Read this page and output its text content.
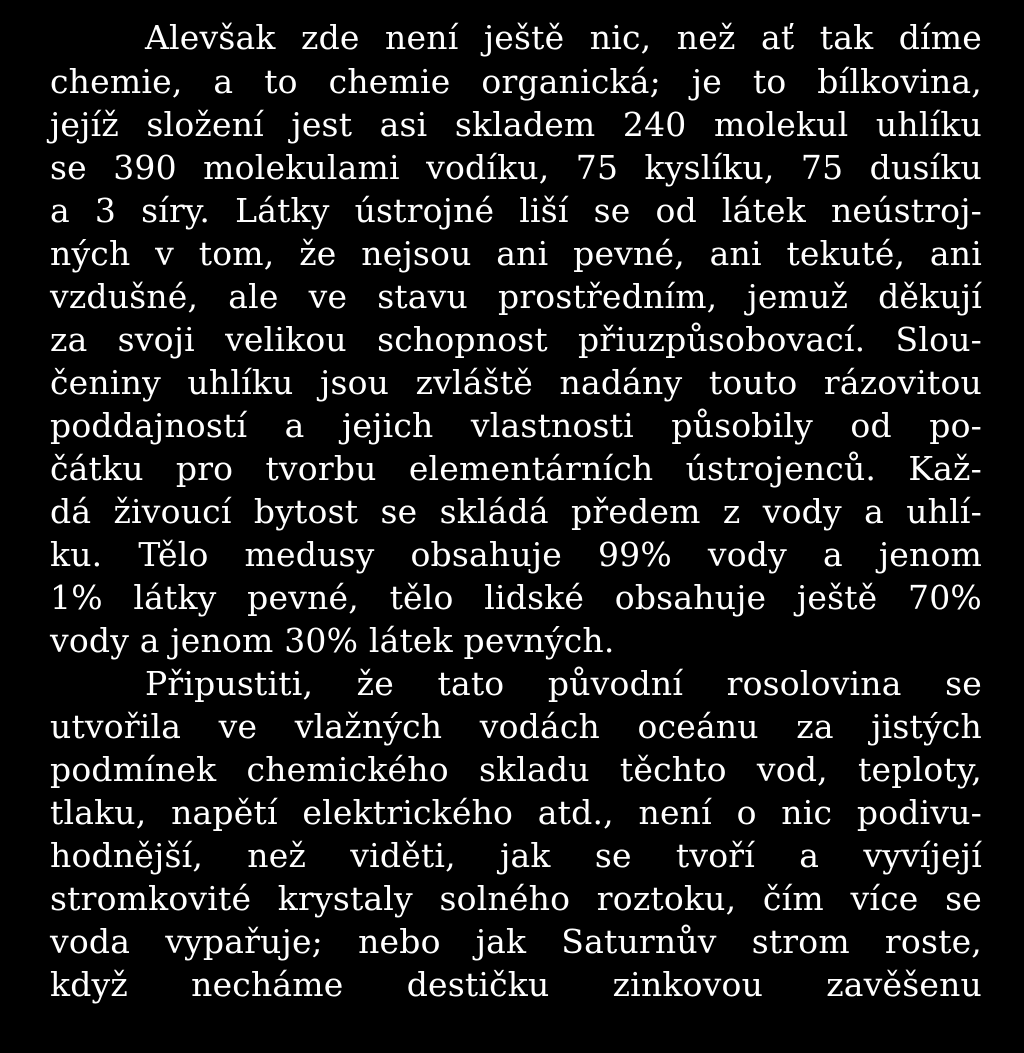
Alevšak zde není ještě nic, než ať tak díme
chemie, a to chemie organická; je to bílkovina,
jejíž složení jest asi skladem 240 molekul uhlíku
se 390 molekulami vodíku, 75 kyslíku, 75 dusíku
a 3 síry. Látky ústrojné liší se od látek neústroj-
ných v tom, že nejsou ani pevné, ani tekuté, ani
vzdušné, ale ve stavu prostředním, jemuž děkují
za svoji velikou schopnost přiuzpůsobovací. Slou-
čeniny uhlíku jsou zvláště nadány touto rázovitou
poddajností a jejich vlastnosti působily od po-
čátku pro tvorbu elementárních ústrojenců. Kaž-
dá živoucí bytost se skládá předem z vody a uhlí-
ku. Tělo medusy obsahuje 99% vody a jenom
1% látky pevné, tělo lidské obsahuje ještě 70%
vody a jenom 30% látek pevných.
Připustiti, že tato původní rosolovina se
utvořila ve vlažných vodách oceánu za jistých
podmínek chemického skladu těchto vod, teploty,
tlaku, napětí elektrického atd., není o nic podivu-
hodnější, než viděti, jak se tvoří a vyvíjejí
stromkovité krystaly solného roztoku, čím více se
voda vypařuje; nebo jak Saturnův strom roste,
když necháme destičku zinkovou zavěšenu
